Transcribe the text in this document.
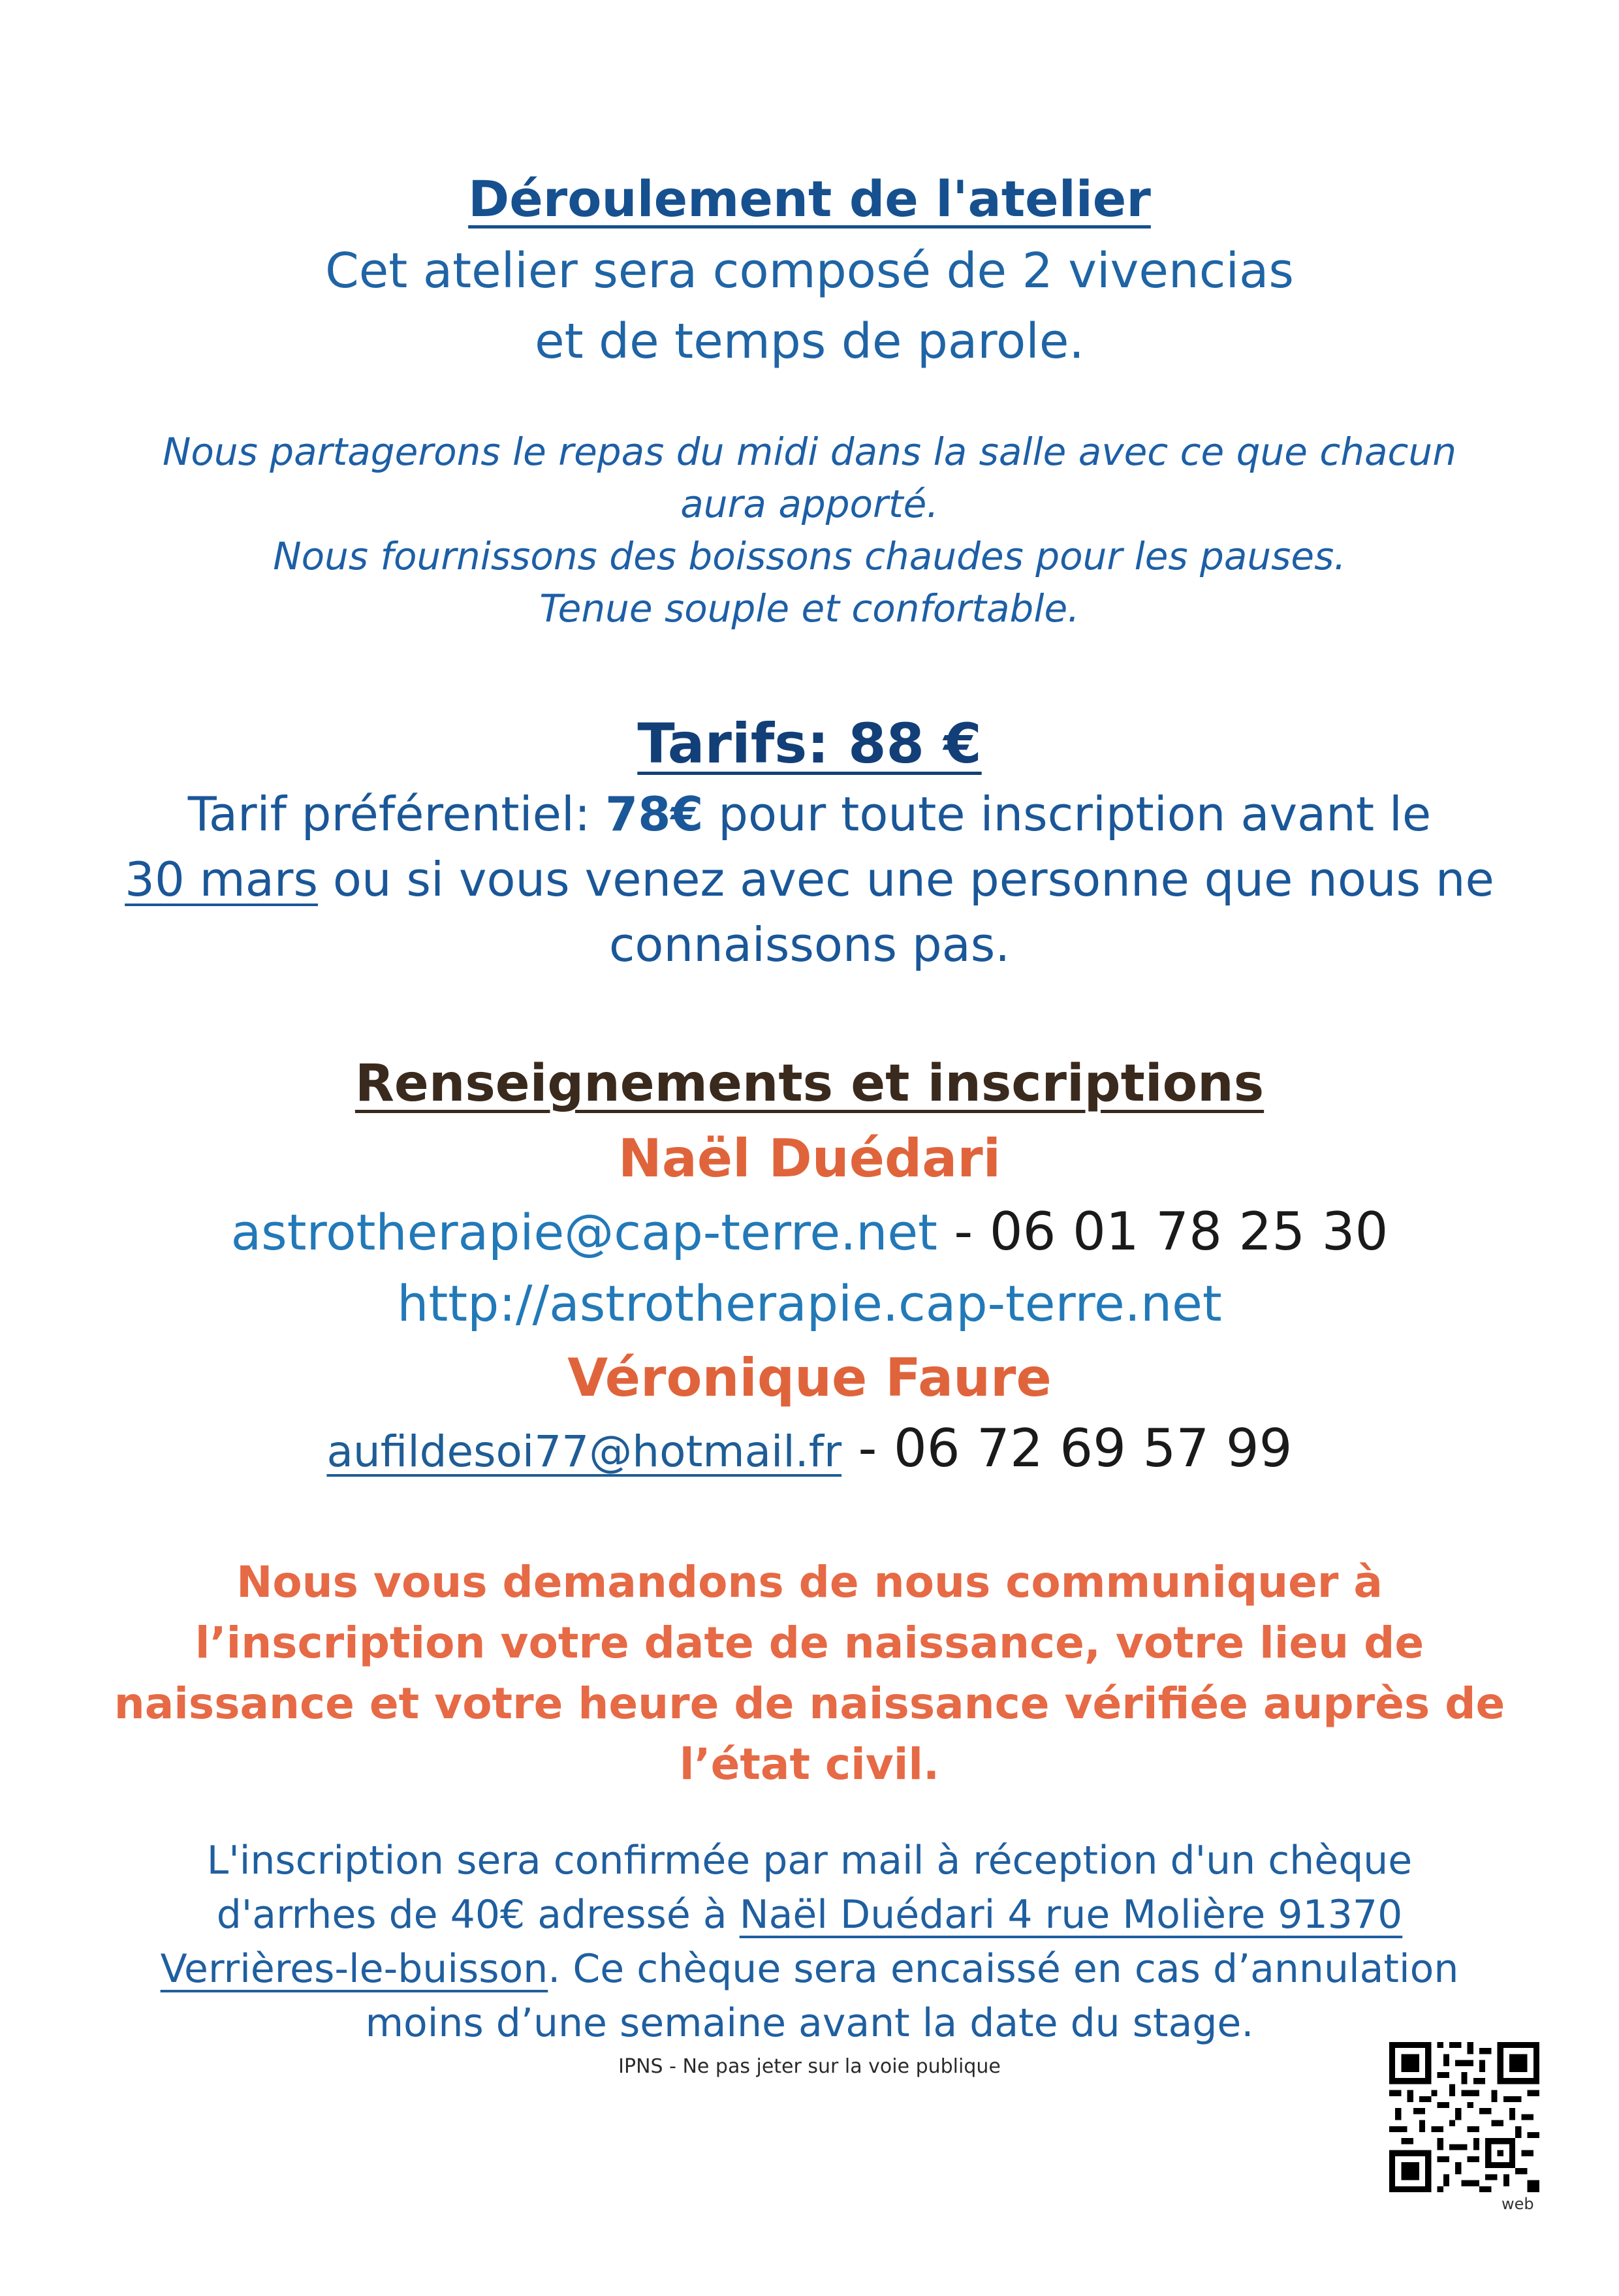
Déroulement de l'atelier
Cet atelier sera composé de 2 vivencias
et de temps de parole.
Nous partagerons le repas du midi dans la salle avec ce que chacun
aura apporté.
Nous fournissons des boissons chaudes pour les pauses.
Tenue souple et confortable.
Tarifs: 88 €
Tarif préférentiel: 78€ pour toute inscription avant le
30 mars ou si vous venez avec une personne que nous ne
connaissons pas.
Renseignements et inscriptions
Naël Duédari
astrotherapie@cap-terre.net - 06 01 78 25 30
http://astrotherapie.cap-terre.net
Véronique Faure
aufildesoi77@hotmail.fr - 06 72 69 57 99
Nous vous demandons de nous communiquer à
l’inscription votre date de naissance, votre lieu de
naissance et votre heure de naissance vérifiée auprès de
l’état civil.
L'inscription sera confirmée par mail à réception d'un chèque
d'arrhes de 40€ adressé à Naël Duédari 4 rue Molière 91370
Verrières-le-buisson. Ce chèque sera encaissé en cas d’annulation
moins d’une semaine avant la date du stage.
IPNS - Ne pas jeter sur la voie publique
web
